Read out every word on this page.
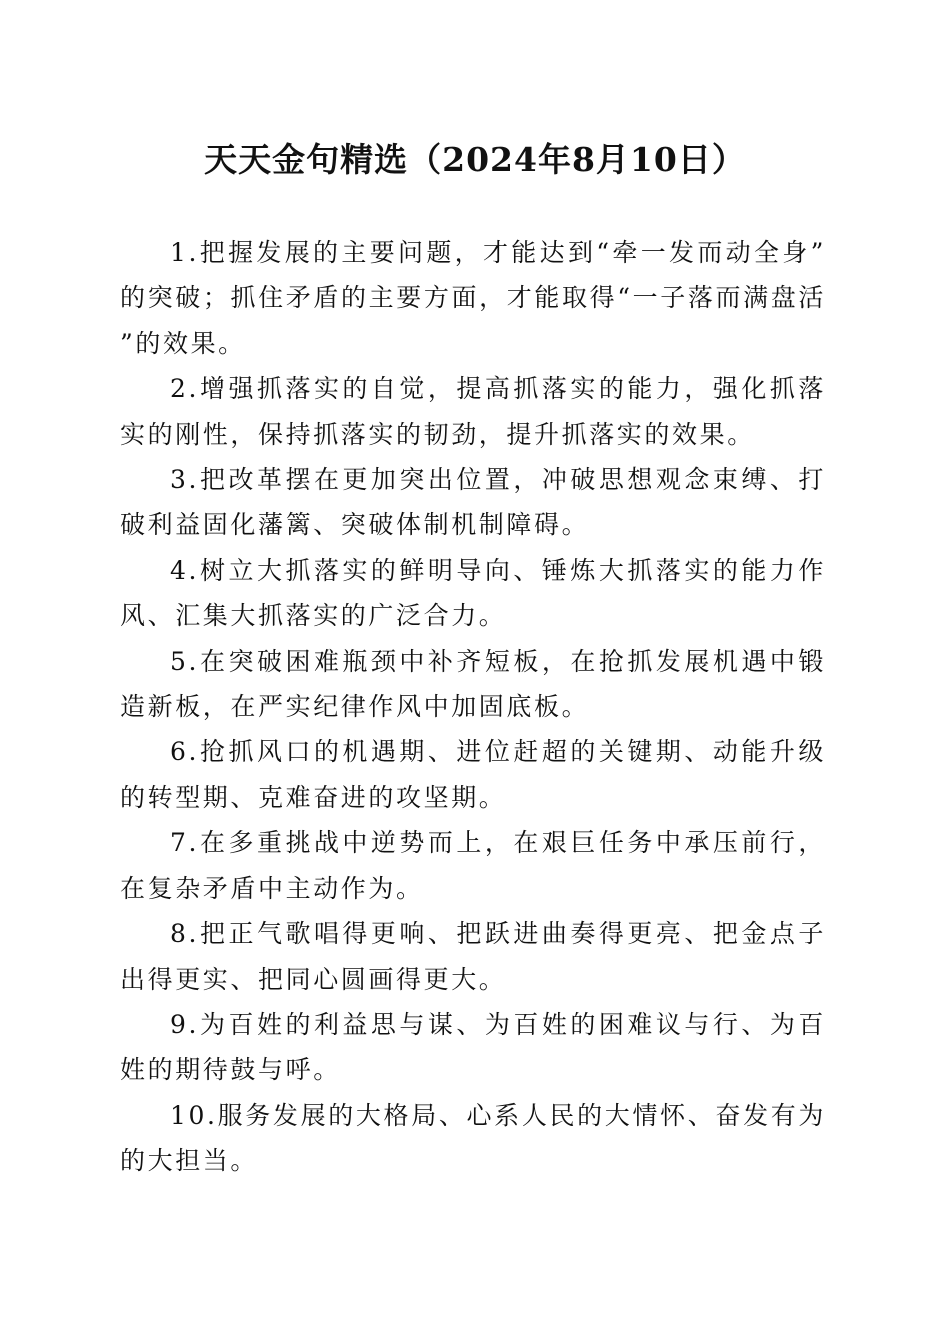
天天金句精选（2024年8月10日）

1.把握发展的主要问题，才能达到“牵一发而动全身”的突破；抓住矛盾的主要方面，才能取得“一子落而满盘活”的效果。

2.增强抓落实的自觉，提高抓落实的能力，强化抓落实的刚性，保持抓落实的韧劲，提升抓落实的效果。

3.把改革摆在更加突出位置，冲破思想观念束缚、打破利益固化藩篱、突破体制机制障碍。

4.树立大抓落实的鲜明导向、锤炼大抓落实的能力作风、汇集大抓落实的广泛合力。

5.在突破困难瓶颈中补齐短板，在抢抓发展机遇中锻造新板，在严实纪律作风中加固底板。

6.抢抓风口的机遇期、进位赶超的关键期、动能升级的转型期、克难奋进的攻坚期。

7.在多重挑战中逆势而上，在艰巨任务中承压前行，在复杂矛盾中主动作为。

8.把正气歌唱得更响、把跃进曲奏得更亮、把金点子出得更实、把同心圆画得更大。

9.为百姓的利益思与谋、为百姓的困难议与行、为百姓的期待鼓与呼。

10.服务发展的大格局、心系人民的大情怀、奋发有为的大担当。
